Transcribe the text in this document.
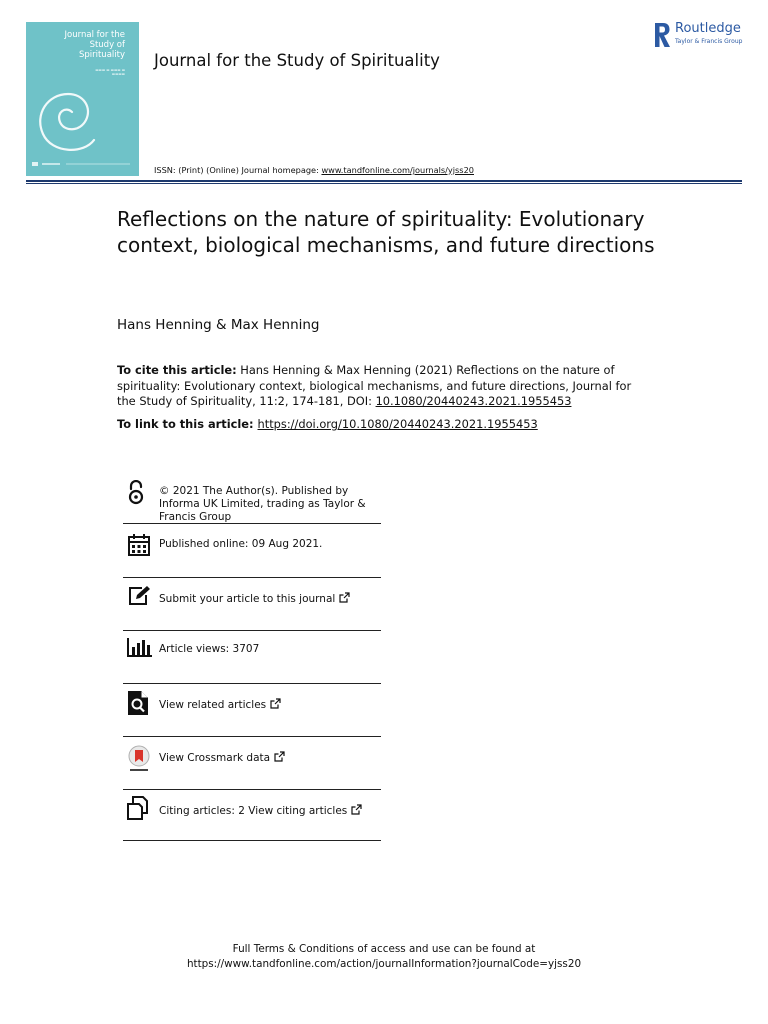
Journal for the Study of Spirituality
▬▬▬ ▬ ▬▬▬ ▬
▬▬▬▬
Journal for the Study of Spirituality
ISSN: (Print) (Online) Journal homepage: www.tandfonline.com/journals/yjss20
Routledge
Taylor & Francis Group
Reflections on the nature of spirituality: Evolutionary context, biological mechanisms, and future directions
Hans Henning & Max Henning
To cite this article: Hans Henning & Max Henning (2021) Reflections on the nature of spirituality: Evolutionary context, biological mechanisms, and future directions, Journal for the Study of Spirituality, 11:2, 174-181, DOI: 10.1080/20440243.2021.1955453
To link to this article: https://doi.org/10.1080/20440243.2021.1955453
© 2021 The Author(s). Published by Informa UK Limited, trading as Taylor & Francis Group
Published online: 09 Aug 2021.
Submit your article to this journal
Article views: 3707
View related articles
View Crossmark data
Citing articles: 2 View citing articles
Full Terms & Conditions of access and use can be found at
https://www.tandfonline.com/action/journalInformation?journalCode=yjss20
